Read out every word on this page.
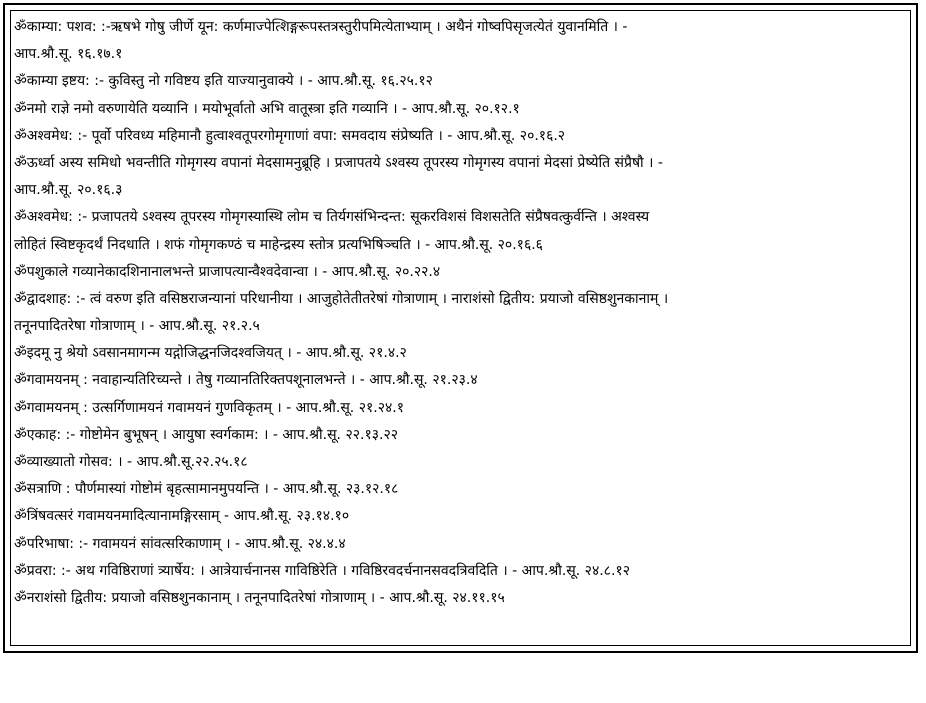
ॐकाम्या: पशव: :-ऋषभे गोषु जीर्णे यून: कर्णमाज्पेत्शिङ्गरूपस्तत्रस्तुरीपमित्येताभ्याम् । अथैनं गोष्वपिसृजत्येतं युवानमिति । -
आप.श्रौ.सू. १६.१७.१
ॐकाम्या इष्टय: :- कुविस्तु नो गविष्टय इति याज्यानुवाक्ये । - आप.श्रौ.सू. १६.२५.१२
ॐनमो राज्ञे नमो वरुणायेति यव्यानि । मयोभूर्वातो अभि वातूस्त्रा इति गव्यानि । - आप.श्रौ.सू. २०.१२.१
ॐअश्वमेध: :- पूर्वो परिवध्य महिमानौ हुत्वाश्वतूपरगोमृगाणां वपा: समवदाय संप्रेष्यति । - आप.श्रौ.सू. २०.१६.२
ॐऊर्ध्वा अस्य समिधो भवन्तीति गोमृगस्य वपानां मेदसामनुब्रूहि । प्रजापतये ऽश्वस्य तूपरस्य गोमृगस्य वपानां मेदसां प्रेष्येति संप्रैषौ । -
आप.श्रौ.सू. २०.१६.३
ॐअश्वमेध: :- प्रजापतये ऽश्वस्य तूपरस्य गोमृगस्यास्थि लोम च तिर्यगसंभिन्दन्त: सूकरविशसं विशसतेति संप्रैषवत्कुर्वन्ति । अश्वस्य
लोहितं स्विष्टकृदर्थं निदधाति । शफं गोमृगकण्ठं च माहेन्द्रस्य स्तोत्र प्रत्यभिषिञ्चति । - आप.श्रौ.सू. २०.१६.६
ॐपशुकाले गव्यानेकादशिनानालभन्ते प्राजापत्यान्वैश्वदेवान्वा । - आप.श्रौ.सू. २०.२२.४
ॐद्वादशाह: :- त्वं वरुण इति वसिष्ठराजन्यानां परिधानीया । आजुहोतेतीतरेषां गोत्राणाम् । नाराशंसो द्वितीय: प्रयाजो वसिष्ठशुनकानाम् ।
तनूनपादितरेषा गोत्राणाम् । - आप.श्रौ.सू. २१.२.५
ॐइदमू नु श्रेयो ऽवसानमागन्म यद्गोजिद्धनजिदश्वजियत् । - आप.श्रौ.सू. २१.४.२
ॐगवामयनम् : नवाहान्यतिरिच्यन्ते । तेषु गव्यानतिरिक्तपशूनालभन्ते । - आप.श्रौ.सू. २१.२३.४
ॐगवामयनम् : उत्सर्गिणामयनं गवामयनं गुणविकृतम् । - आप.श्रौ.सू. २१.२४.१
ॐएकाह: :- गोष्टोमेन बुभूषन् । आयुषा स्वर्गकाम: । - आप.श्रौ.सू. २२.१३.२२
ॐव्याख्यातो गोसव: । - आप.श्रौ.सू.२२.२५.१८
ॐसत्राणि : पौर्णमास्यां गोष्टोमं बृहत्सामानमुपयन्ति । - आप.श्रौ.सू. २३.१२.१८
ॐत्रिंषवत्सरं गवामयनमादित्यानामङ्गिरसाम् - आप.श्रौ.सू. २३.१४.१०
ॐपरिभाषा: :- गवामयनं सांवत्सरिकाणाम् । - आप.श्रौ.सू. २४.४.४
ॐप्रवरा: :- अथ गविष्ठिराणां त्र्यार्षेय: । आत्रेयार्चनानस गाविष्ठिरेति । गविष्ठिरवदर्चनानसवदत्रिवदिति । - आप.श्रौ.सू. २४.८.१२
ॐनराशंसो द्वितीय: प्रयाजो वसिष्ठशुनकानाम् । तनूनपादितरेषां गोत्राणाम् । - आप.श्रौ.सू. २४.११.१५
